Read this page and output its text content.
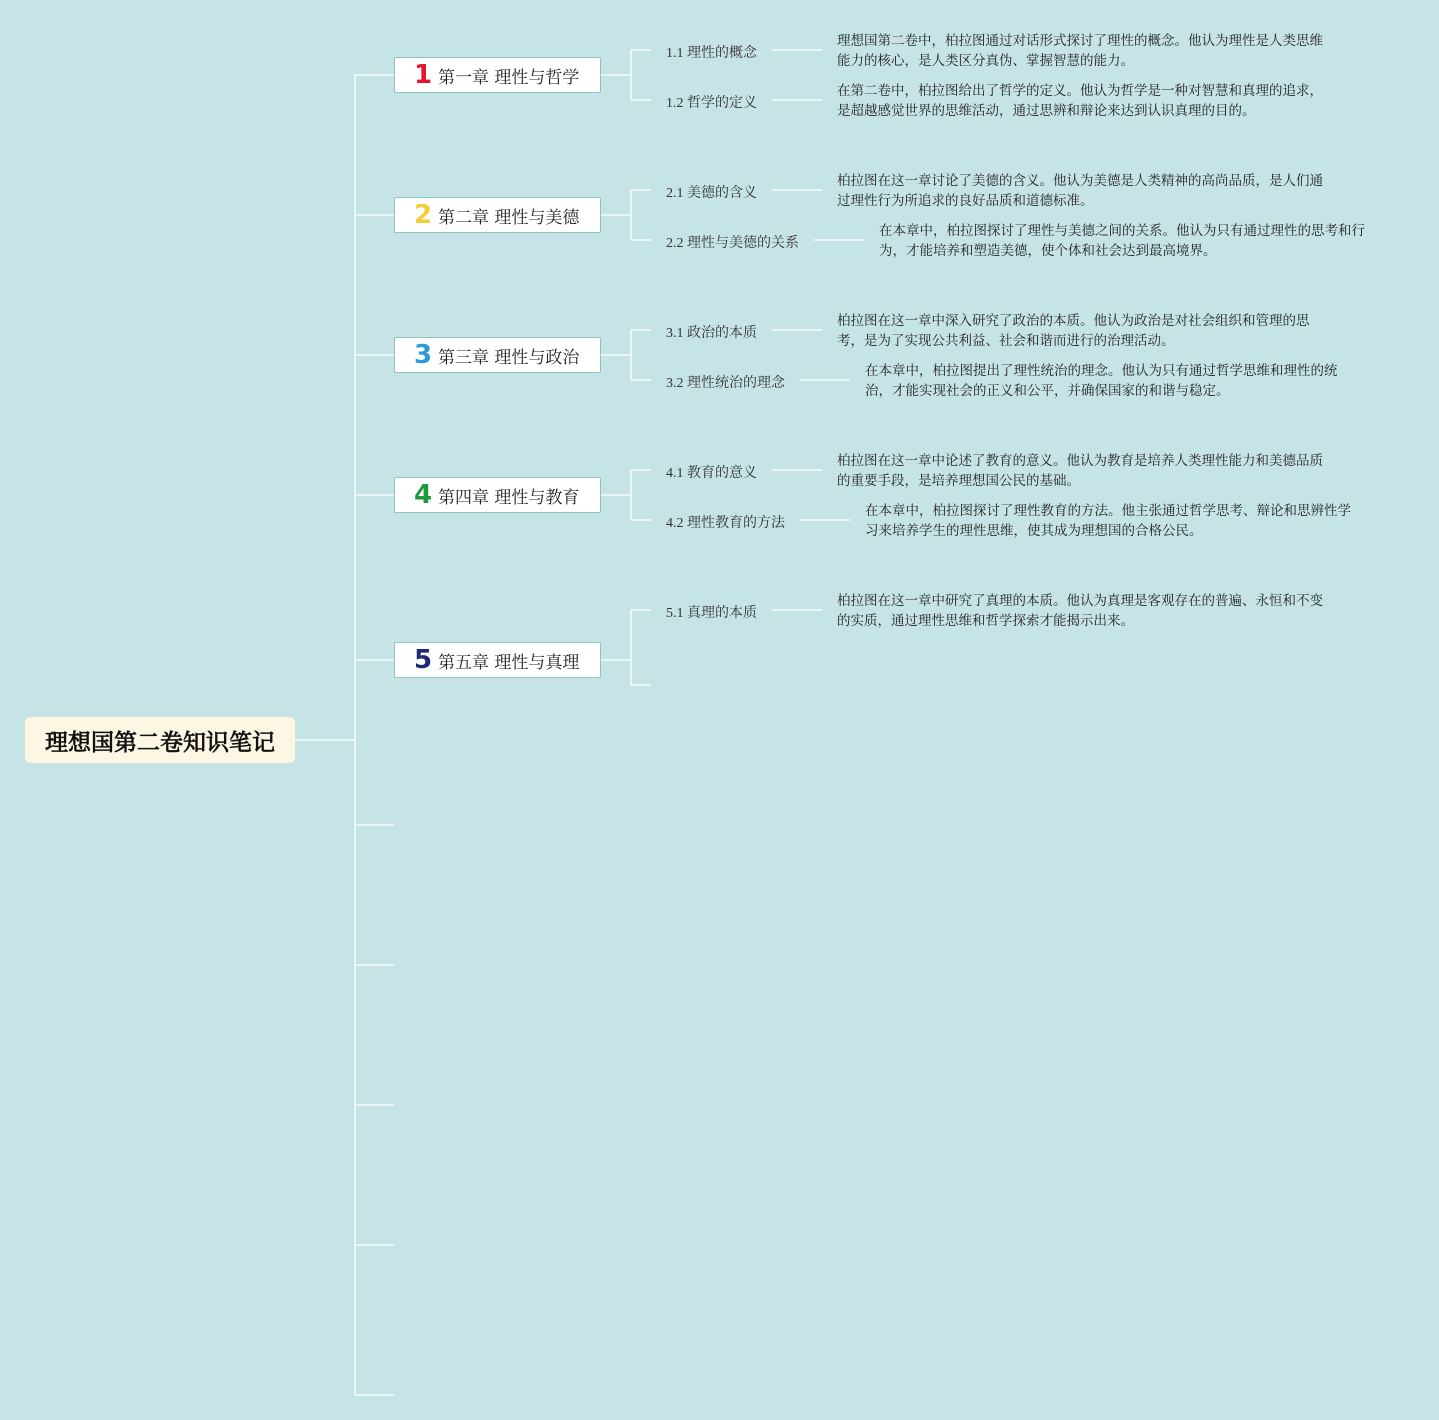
理想国第二卷知识笔记
1 第一章 理性与哲学
1.1 理性的概念
理想国第二卷中，柏拉图通过对话形式探讨了理性的概念。他认为理性是人类思维能力的核心，是人类区分真伪、掌握智慧的能力。
1.2 哲学的定义
在第二卷中，柏拉图给出了哲学的定义。他认为哲学是一种对智慧和真理的追求，是超越感觉世界的思维活动，通过思辨和辩论来达到认识真理的目的。
2 第二章 理性与美德
2.1 美德的含义
柏拉图在这一章讨论了美德的含义。他认为美德是人类精神的高尚品质，是人们通过理性行为所追求的良好品质和道德标准。
2.2 理性与美德的关系
在本章中，柏拉图探讨了理性与美德之间的关系。他认为只有通过理性的思考和行为，才能培养和塑造美德，使个体和社会达到最高境界。
3 第三章 理性与政治
3.1 政治的本质
柏拉图在这一章中深入研究了政治的本质。他认为政治是对社会组织和管理的思考，是为了实现公共利益、社会和谐而进行的治理活动。
3.2 理性统治的理念
在本章中，柏拉图提出了理性统治的理念。他认为只有通过哲学思维和理性的统治，才能实现社会的正义和公平，并确保国家的和谐与稳定。
4 第四章 理性与教育
4.1 教育的意义
柏拉图在这一章中论述了教育的意义。他认为教育是培养人类理性能力和美德品质的重要手段，是培养理想国公民的基础。
4.2 理性教育的方法
在本章中，柏拉图探讨了理性教育的方法。他主张通过哲学思考、辩论和思辨性学习来培养学生的理性思维，使其成为理想国的合格公民。
5 第五章 理性与真理
5.1 真理的本质
柏拉图在这一章中研究了真理的本质。他认为真理是客观存在的普遍、永恒和不变的实质，通过理性思维和哲学探索才能揭示出来。
